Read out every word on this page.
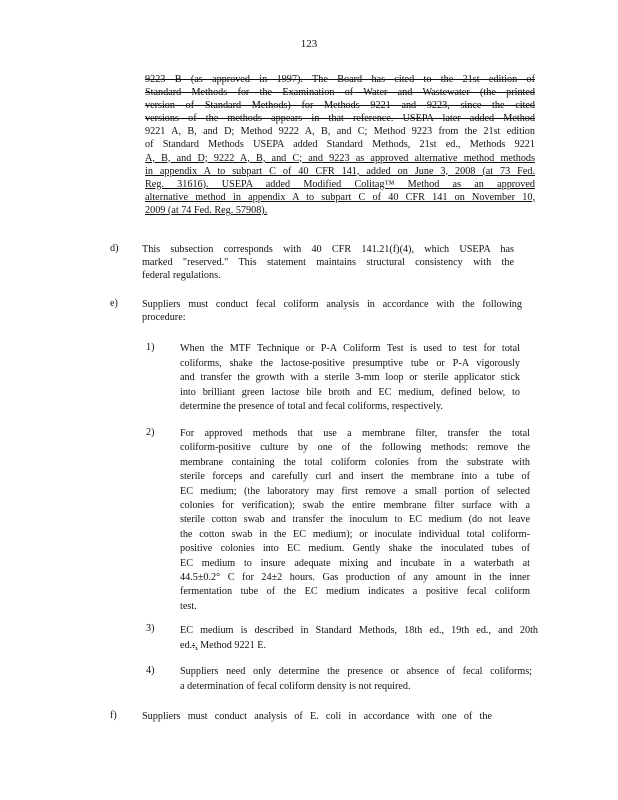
123
9223 B (as approved in 1997). The Board has cited to the 21st edition of
Standard Methods for the Examination of Water and Wastewater (the printed
version of Standard Methods) for Methods 9221 and 9223, since the cited
versions of the methods appears in that reference. USEPA later added Method
9221 A, B, and D; Method 9222 A, B, and C; Method 9223 from the 21st edition
of Standard Methods USEPA added Standard Methods, 21st ed., Methods 9221
A, B, and D; 9222 A, B, and C; and 9223 as approved alternative method methods
in appendix A to subpart C of 40 CFR 141, added on June 3, 2008 (at 73 Fed.
Reg. 31616). USEPA added Modified Colitag™ Method as an approved
alternative method in appendix A to subpart C of 40 CFR 141 on November 10,
2009 (at 74 Fed. Reg. 57908).
d) This subsection corresponds with 40 CFR 141.21(f)(4), which USEPA has
marked "reserved." This statement maintains structural consistency with the
federal regulations.
e) Suppliers must conduct fecal coliform analysis in accordance with the following
procedure:
1)	When the MTF Technique or P-A Coliform Test is used to test for total
coliforms, shake the lactose-positive presumptive tube or P-A vigorously
and transfer the growth with a sterile 3-mm loop or sterile applicator stick
into brilliant green lactose bile broth and EC medium, defined below, to
determine the presence of total and fecal coliforms, respectively.
2)	For approved methods that use a membrane filter, transfer the total
coliform-positive culture by one of the following methods: remove the
membrane containing the total coliform colonies from the substrate with
sterile forceps and carefully curl and insert the membrane into a tube of
EC medium; (the laboratory may first remove a small portion of selected
colonies for verification); swab the entire membrane filter surface with a
sterile cotton swab and transfer the inoculum to EC medium (do not leave
the cotton swab in the EC medium); or inoculate individual total coliform-
positive colonies into EC medium. Gently shake the inoculated tubes of
EC medium to insure adequate mixing and incubate in a waterbath at
44.5±0.2° C for 24±2 hours. Gas production of any amount in the inner
fermentation tube of the EC medium indicates a positive fecal coliform
test.
3)	EC medium is described in Standard Methods, 18th ed., 19th ed., and 20th
ed.:, Method 9221 E.
4)	Suppliers need only determine the presence or absence of fecal coliforms;
a determination of fecal coliform density is not required.
f) Suppliers must conduct analysis of E. coli in accordance with one of the
